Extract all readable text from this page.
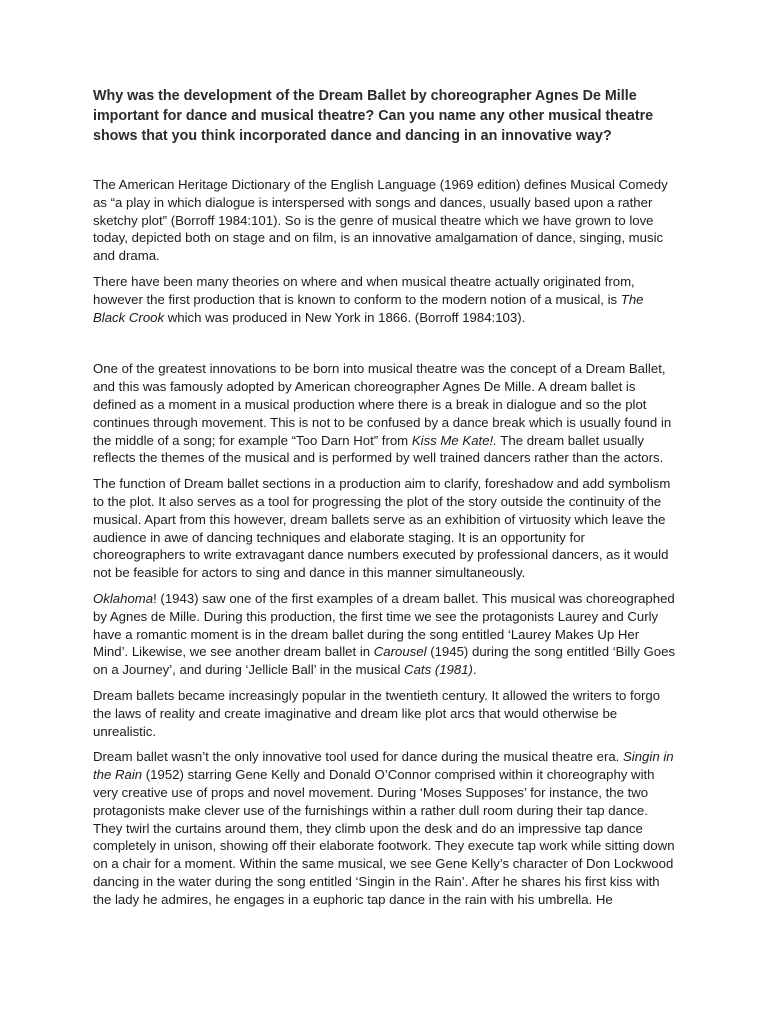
Why was the development of the Dream Ballet by choreographer Agnes De Mille important for dance and musical theatre? Can you name any other musical theatre shows that you think incorporated dance and dancing in an innovative way?

The American Heritage Dictionary of the English Language (1969 edition) defines Musical Comedy as “a play in which dialogue is interspersed with songs and dances, usually based upon a rather sketchy plot” (Borroff 1984:101). So is the genre of musical theatre which we have grown to love today, depicted both on stage and on film, is an innovative amalgamation of dance, singing, music and drama.

There have been many theories on where and when musical theatre actually originated from, however the first production that is known to conform to the modern notion of a musical, is The Black Crook which was produced in New York in 1866. (Borroff 1984:103).

One of the greatest innovations to be born into musical theatre was the concept of a Dream Ballet, and this was famously adopted by American choreographer Agnes De Mille. A dream ballet is defined as a moment in a musical production where there is a break in dialogue and so the plot continues through movement. This is not to be confused by a dance break which is usually found in the middle of a song; for example “Too Darn Hot” from Kiss Me Kate!. The dream ballet usually reflects the themes of the musical and is performed by well trained dancers rather than the actors.

The function of Dream ballet sections in a production aim to clarify, foreshadow and add symbolism to the plot. It also serves as a tool for progressing the plot of the story outside the continuity of the musical. Apart from this however, dream ballets serve as an exhibition of virtuosity which leave the audience in awe of dancing techniques and elaborate staging. It is an opportunity for choreographers to write extravagant dance numbers executed by professional dancers, as it would not be feasible for actors to sing and dance in this manner simultaneously.

Oklahoma! (1943) saw one of the first examples of a dream ballet. This musical was choreographed by Agnes de Mille. During this production, the first time we see the protagonists Laurey and Curly have a romantic moment is in the dream ballet during the song entitled ‘Laurey Makes Up Her Mind’. Likewise, we see another dream ballet in Carousel (1945) during the song entitled ‘Billy Goes on a Journey’, and during ‘Jellicle Ball’ in the musical Cats (1981).

Dream ballets became increasingly popular in the twentieth century. It allowed the writers to forgo the laws of reality and create imaginative and dream like plot arcs that would otherwise be unrealistic.

Dream ballet wasn’t the only innovative tool used for dance during the musical theatre era. Singin in the Rain (1952) starring Gene Kelly and Donald O’Connor comprised within it choreography with very creative use of props and novel movement. During ‘Moses Supposes’ for instance, the two protagonists make clever use of the furnishings within a rather dull room during their tap dance. They twirl the curtains around them, they climb upon the desk and do an impressive tap dance completely in unison, showing off their elaborate footwork. They execute tap work while sitting down on a chair for a moment. Within the same musical, we see Gene Kelly’s character of Don Lockwood dancing in the water during the song entitled ‘Singin in the Rain’. After he shares his first kiss with the lady he admires, he engages in a euphoric tap dance in the rain with his umbrella. He
